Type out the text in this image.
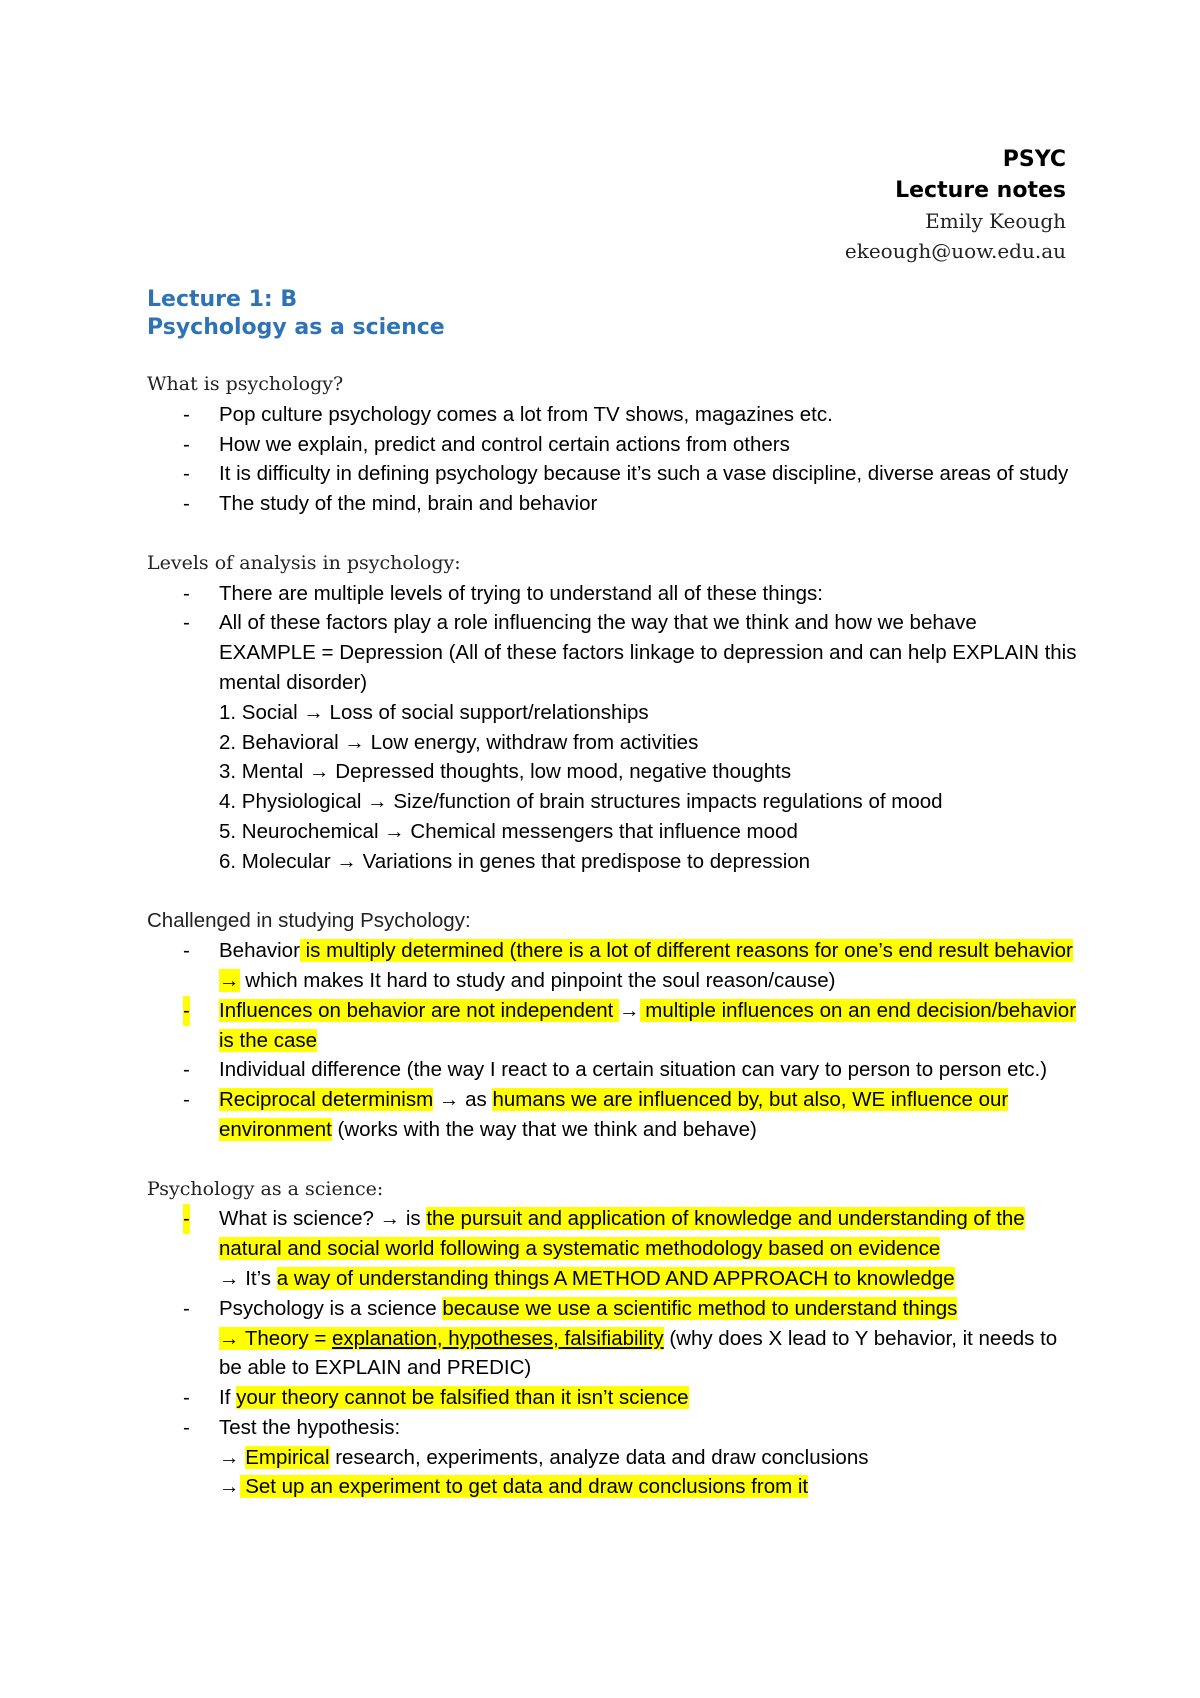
PSYC
Lecture notes
Emily Keough
ekeough@uow.edu.au
Lecture 1: B
Psychology as a science
What is psychology?
- Pop culture psychology comes a lot from TV shows, magazines etc.
- How we explain, predict and control certain actions from others
- It is difficulty in defining psychology because it’s such a vase discipline, diverse areas of study
- The study of the mind, brain and behavior
Levels of analysis in psychology:
- There are multiple levels of trying to understand all of these things:
- All of these factors play a role influencing the way that we think and how we behave
EXAMPLE = Depression (All of these factors linkage to depression and can help EXPLAIN this mental disorder)
1. Social → Loss of social support/relationships
2. Behavioral → Low energy, withdraw from activities
3. Mental → Depressed thoughts, low mood, negative thoughts
4. Physiological → Size/function of brain structures impacts regulations of mood
5. Neurochemical → Chemical messengers that influence mood
6. Molecular → Variations in genes that predispose to depression
Challenged in studying Psychology:
- Behavior is multiply determined (there is a lot of different reasons for one’s end result behavior → which makes It hard to study and pinpoint the soul reason/cause)
- Influences on behavior are not independent → multiple influences on an end decision/behavior is the case
- Individual difference (the way I react to a certain situation can vary to person to person etc.)
- Reciprocal determinism → as humans we are influenced by, but also, WE influence our environment (works with the way that we think and behave)
Psychology as a science:
- What is science? → is the pursuit and application of knowledge and understanding of the natural and social world following a systematic methodology based on evidence
→ It’s a way of understanding things A METHOD AND APPROACH to knowledge
- Psychology is a science because we use a scientific method to understand things
→ Theory = explanation, hypotheses, falsifiability (why does X lead to Y behavior, it needs to be able to EXPLAIN and PREDIC)
- If your theory cannot be falsified than it isn’t science
- Test the hypothesis:
→ Empirical research, experiments, analyze data and draw conclusions
→ Set up an experiment to get data and draw conclusions from it
